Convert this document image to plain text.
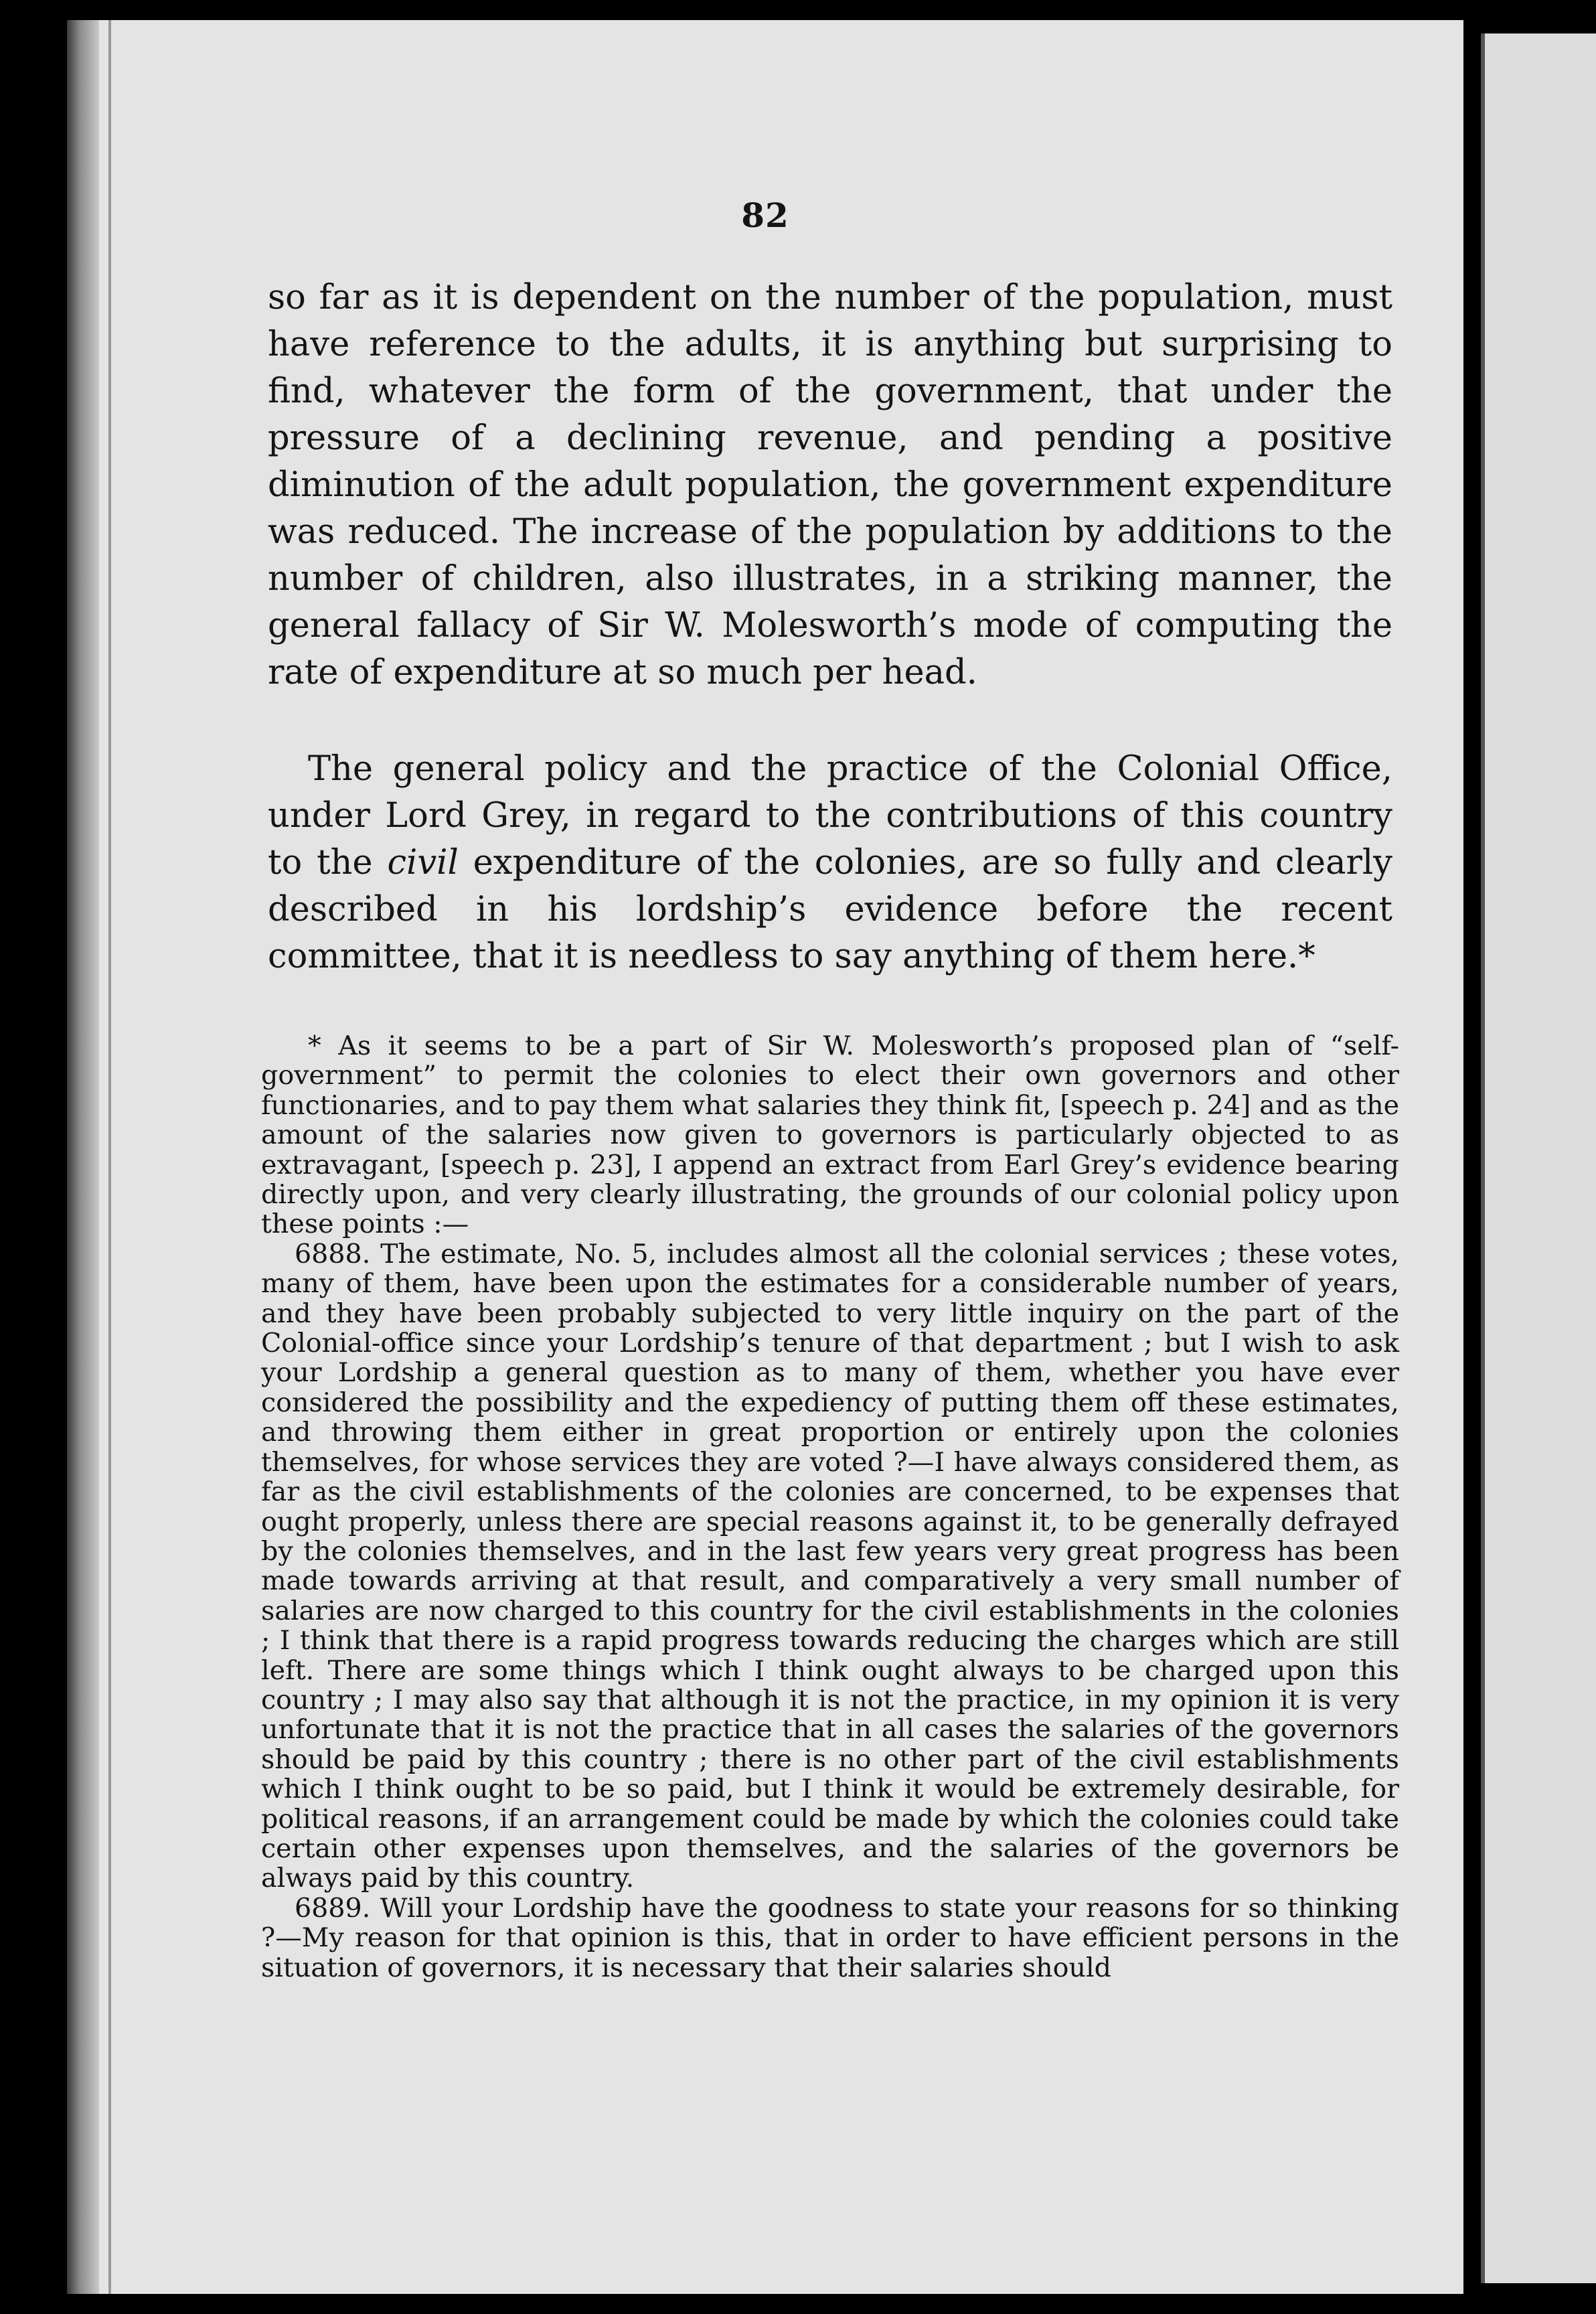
82

so far as it is dependent on the number of the population, must have reference to the adults, it is anything but surprising to find, whatever the form of the government, that under the pressure of a declining revenue, and pending a positive diminution of the adult population, the government expenditure was reduced. The increase of the population by additions to the number of children, also illustrates, in a striking manner, the general fallacy of Sir W. Molesworth’s mode of computing the rate of expenditure at so much per head.

The general policy and the practice of the Colonial Office, under Lord Grey, in regard to the contributions of this country to the civil expenditure of the colonies, are so fully and clearly described in his lordship’s evidence before the recent committee, that it is needless to say anything of them here.*

* As it seems to be a part of Sir W. Molesworth’s proposed plan of “self-government” to permit the colonies to elect their own governors and other functionaries, and to pay them what salaries they think fit, [speech p. 24] and as the amount of the salaries now given to governors is particularly objected to as extravagant, [speech p. 23], I append an extract from Earl Grey’s evidence bearing directly upon, and very clearly illustrating, the grounds of our colonial policy upon these points :—

6888. The estimate, No. 5, includes almost all the colonial services ; these votes, many of them, have been upon the estimates for a considerable number of years, and they have been probably subjected to very little inquiry on the part of the Colonial-office since your Lordship’s tenure of that department ; but I wish to ask your Lordship a general question as to many of them, whether you have ever considered the possibility and the expediency of putting them off these estimates, and throwing them either in great proportion or entirely upon the colonies themselves, for whose services they are voted ?—I have always considered them, as far as the civil establishments of the colonies are concerned, to be expenses that ought properly, unless there are special reasons against it, to be generally defrayed by the colonies themselves, and in the last few years very great progress has been made towards arriving at that result, and comparatively a very small number of salaries are now charged to this country for the civil establishments in the colonies ; I think that there is a rapid progress towards reducing the charges which are still left. There are some things which I think ought always to be charged upon this country ; I may also say that although it is not the practice, in my opinion it is very unfortunate that it is not the practice that in all cases the salaries of the governors should be paid by this country ; there is no other part of the civil establishments which I think ought to be so paid, but I think it would be extremely desirable, for political reasons, if an arrangement could be made by which the colonies could take certain other expenses upon themselves, and the salaries of the governors be always paid by this country.

6889. Will your Lordship have the goodness to state your reasons for so thinking ?—My reason for that opinion is this, that in order to have efficient persons in the situation of governors, it is necessary that their salaries should
